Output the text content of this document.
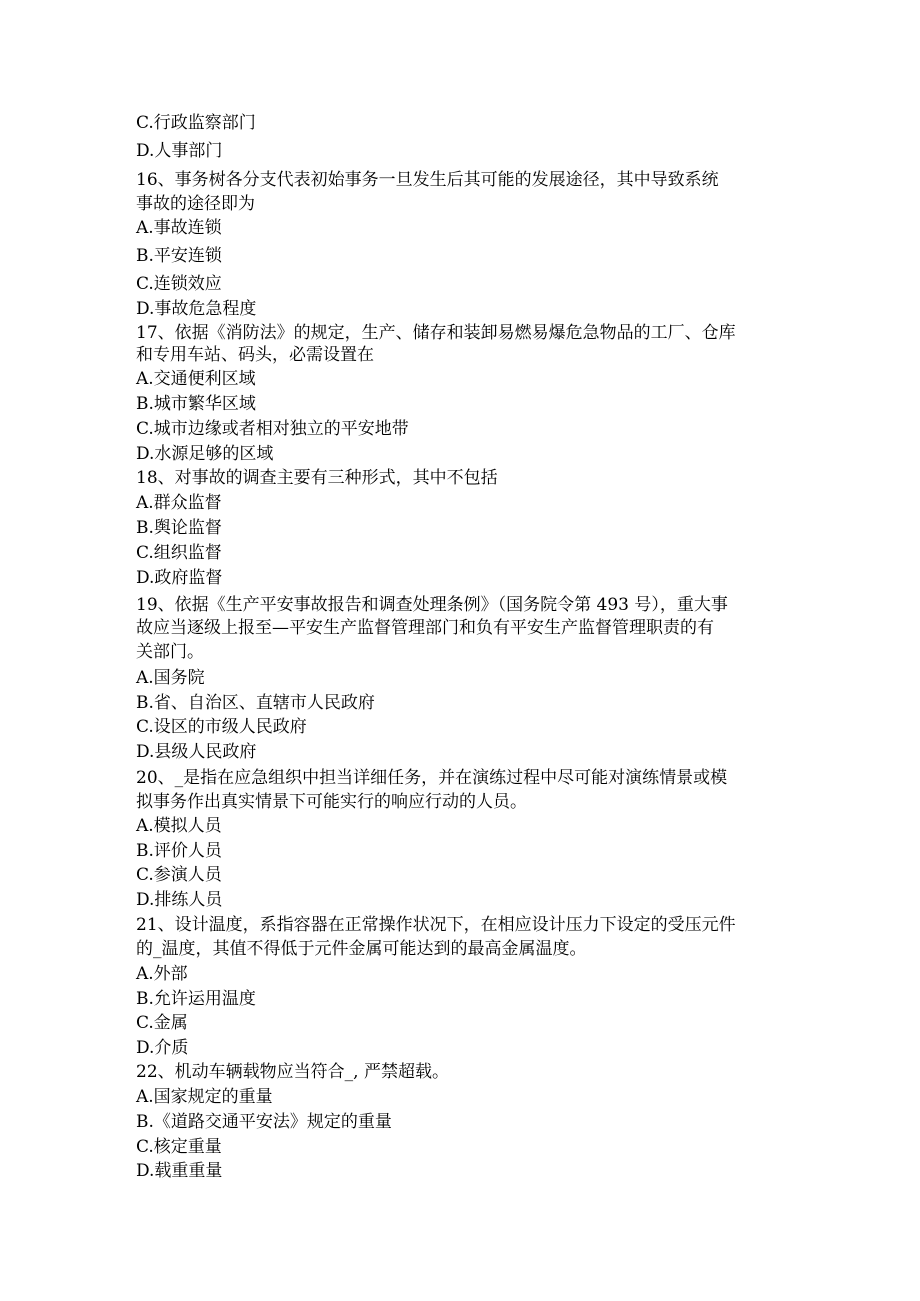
C.行政监察部门
D.人事部门
16、事务树各分支代表初始事务一旦发生后其可能的发展途径，其中导致系统
事故的途径即为
A.事故连锁
B.平安连锁
C.连锁效应
D.事故危急程度
17、依据《消防法》的规定，生产、储存和装卸易燃易爆危急物品的工厂、仓库
和专用车站、码头，必需设置在
A.交通便利区域
B.城市繁华区域
C.城市边缘或者相对独立的平安地带
D.水源足够的区域
18、对事故的调查主要有三种形式，其中不包括
A.群众监督
B.舆论监督
C.组织监督
D.政府监督
19、依据《生产平安事故报告和调查处理条例》（国务院令第 493 号），重大事
故应当逐级上报至—平安生产监督管理部门和负有平安生产监督管理职责的有
关部门。
A.国务院
B.省、自治区、直辖市人民政府
C.设区的市级人民政府
D.县级人民政府
20、_是指在应急组织中担当详细任务，并在演练过程中尽可能对演练情景或模
拟事务作出真实情景下可能实行的响应行动的人员。
A.模拟人员
B.评价人员
C.参演人员
D.排练人员
21、设计温度，系指容器在正常操作状况下，在相应设计压力下设定的受压元件
的_温度，其值不得低于元件金属可能达到的最高金属温度。
A.外部
B.允许运用温度
C.金属
D.介质
22、机动车辆载物应当符合_, 严禁超载。
A.国家规定的重量
B.《道路交通平安法》规定的重量
C.核定重量
D.载重重量
